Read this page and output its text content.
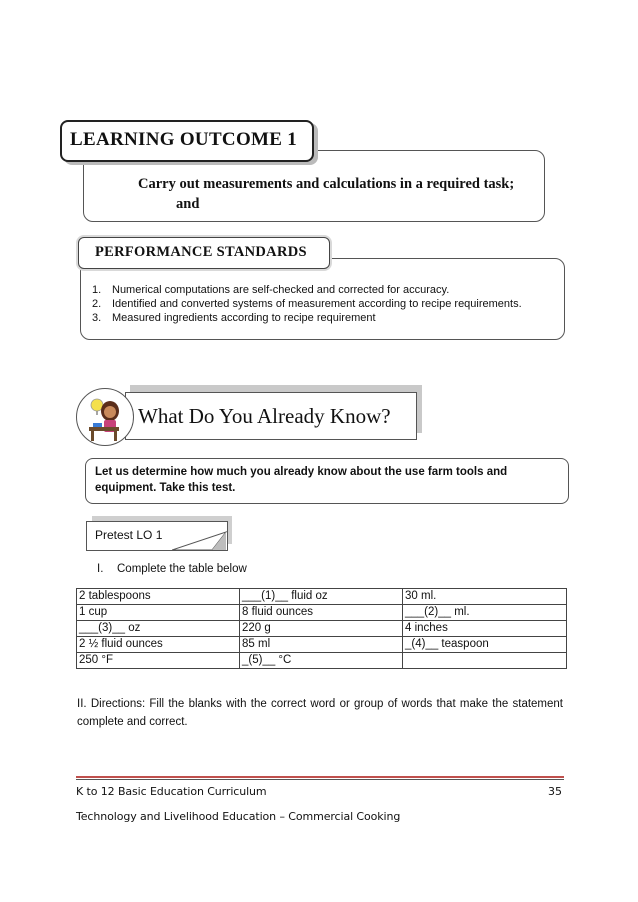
LEARNING OUTCOME 1
Carry out measurements and calculations in a required task;
and
PERFORMANCE STANDARDS
1. Numerical computations are self-checked and corrected for accuracy.
2. Identified and converted systems of measurement according to recipe requirements.
3. Measured ingredients according to recipe requirement
What Do You Already Know?
Let us determine how much you already know about the use farm tools and equipment. Take this test.
Pretest LO 1
I. Complete the table below
2 tablespoons	___(1)__ fluid oz	30 ml.
1 cup	8 fluid ounces	___(2)__ ml.
___(3)__ oz	220 g	4 inches
2 ½ fluid ounces	85 ml	_(4)__ teaspoon
250 °F	_(5)__ °C	
II. Directions: Fill the blanks with the correct word or group of words that make the statement complete and correct.
K to 12 Basic Education Curriculum	35
Technology and Livelihood Education – Commercial Cooking
